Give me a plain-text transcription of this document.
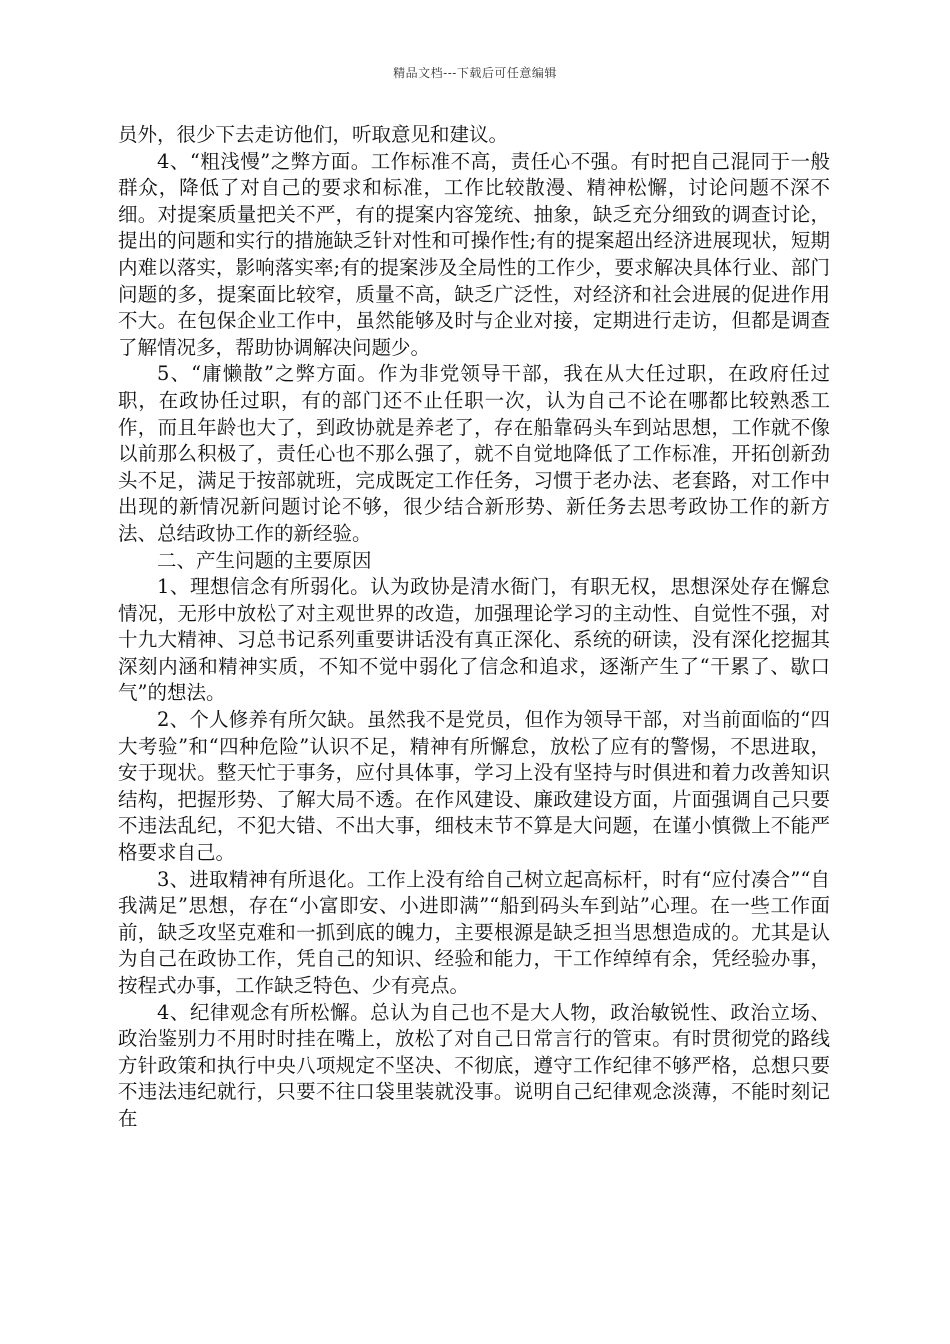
精品文档---下载后可任意编辑

员外，很少下去走访他们，听取意见和建议。

4、“粗浅慢”之弊方面。工作标准不高，责任心不强。有时把自己混同于一般群众，降低了对自己的要求和标准，工作比较散漫、精神松懈，讨论问题不深不细。对提案质量把关不严，有的提案内容笼统、抽象，缺乏充分细致的调查讨论，提出的问题和实行的措施缺乏针对性和可操作性;有的提案超出经济进展现状，短期内难以落实，影响落实率;有的提案涉及全局性的工作少，要求解决具体行业、部门问题的多，提案面比较窄，质量不高，缺乏广泛性，对经济和社会进展的促进作用不大。在包保企业工作中，虽然能够及时与企业对接，定期进行走访，但都是调查了解情况多，帮助协调解决问题少。

5、“庸懒散”之弊方面。作为非党领导干部，我在从大任过职，在政府任过职，在政协任过职，有的部门还不止任职一次，认为自己不论在哪都比较熟悉工作，而且年龄也大了，到政协就是养老了，存在船靠码头车到站思想，工作就不像以前那么积极了，责任心也不那么强了，就不自觉地降低了工作标准，开拓创新劲头不足，满足于按部就班，完成既定工作任务，习惯于老办法、老套路，对工作中出现的新情况新问题讨论不够，很少结合新形势、新任务去思考政协工作的新方法、总结政协工作的新经验。

二、产生问题的主要原因

1、理想信念有所弱化。认为政协是清水衙门，有职无权，思想深处存在懈怠情况，无形中放松了对主观世界的改造，加强理论学习的主动性、自觉性不强，对十九大精神、习总书记系列重要讲话没有真正深化、系统的研读，没有深化挖掘其深刻内涵和精神实质，不知不觉中弱化了信念和追求，逐渐产生了“干累了、歇口气”的想法。

2、个人修养有所欠缺。虽然我不是党员，但作为领导干部，对当前面临的“四大考验”和“四种危险”认识不足，精神有所懈怠，放松了应有的警惕，不思进取，安于现状。整天忙于事务，应付具体事，学习上没有坚持与时俱进和着力改善知识结构，把握形势、了解大局不透。在作风建设、廉政建设方面，片面强调自己只要不违法乱纪，不犯大错、不出大事，细枝末节不算是大问题，在谨小慎微上不能严格要求自己。

3、进取精神有所退化。工作上没有给自己树立起高标杆，时有“应付凑合”“自我满足”思想，存在“小富即安、小进即满”“船到码头车到站”心理。在一些工作面前，缺乏攻坚克难和一抓到底的魄力，主要根源是缺乏担当思想造成的。尤其是认为自己在政协工作，凭自己的知识、经验和能力，干工作绰绰有余，凭经验办事，按程式办事，工作缺乏特色、少有亮点。

4、纪律观念有所松懈。总认为自己也不是大人物，政治敏锐性、政治立场、政治鉴别力不用时时挂在嘴上，放松了对自己日常言行的管束。有时贯彻党的路线方针政策和执行中央八项规定不坚决、不彻底，遵守工作纪律不够严格，总想只要不违法违纪就行，只要不往口袋里装就没事。说明自己纪律观念淡薄，不能时刻记在
